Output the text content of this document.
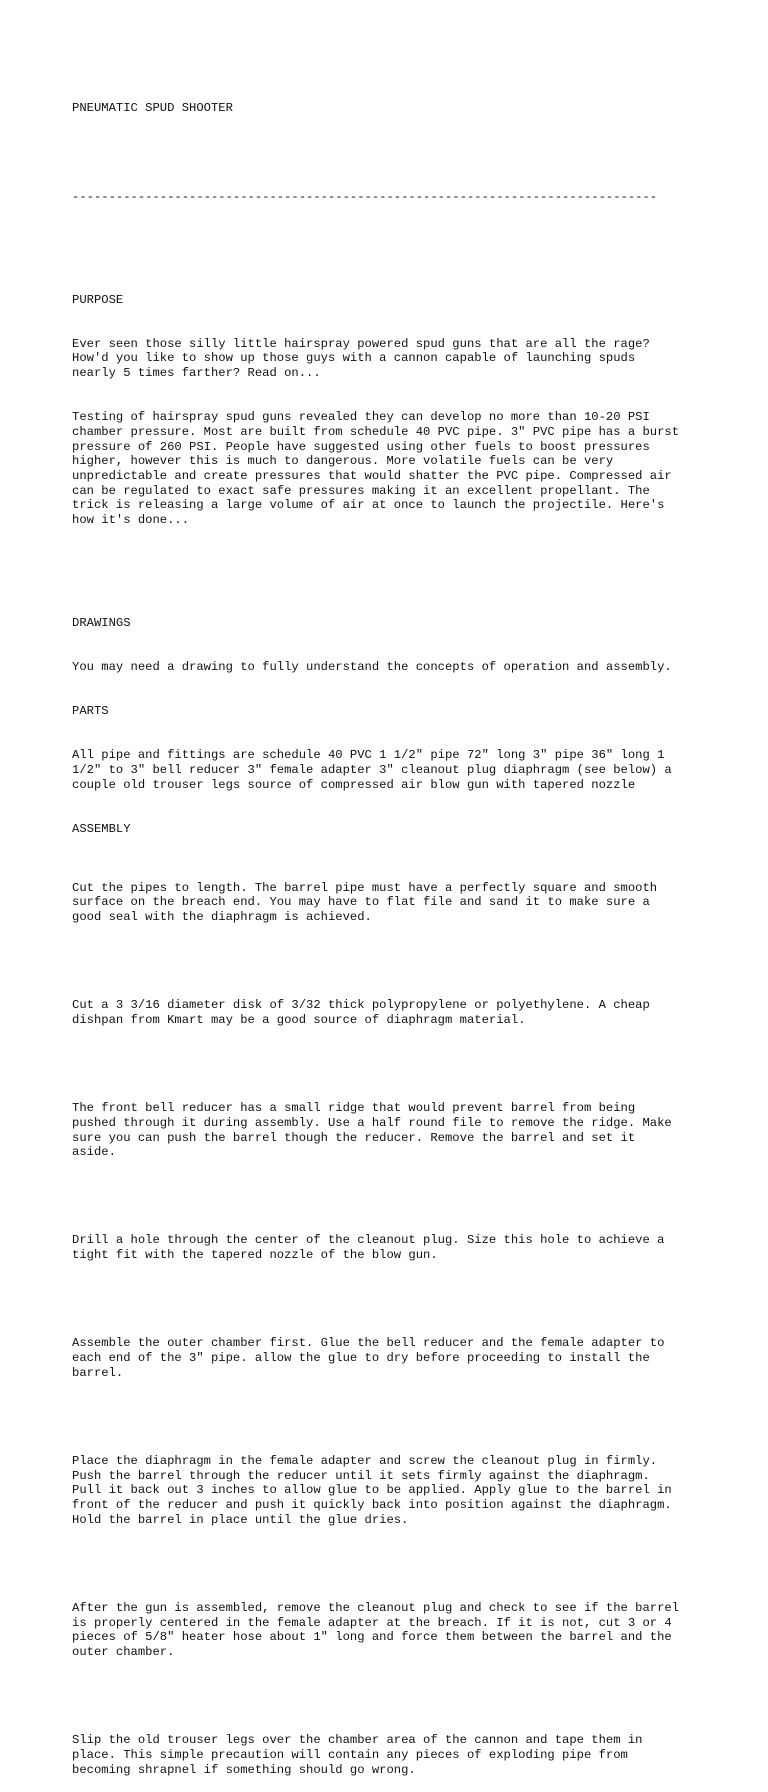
PNEUMATIC SPUD SHOOTER

--------------------------------------------------------------------------------

PURPOSE

Ever seen those silly little hairspray powered spud guns that are all the rage?
How'd you like to show up those guys with a cannon capable of launching spuds
nearly 5 times farther? Read on...

Testing of hairspray spud guns revealed they can develop no more than 10-20 PSI
chamber pressure. Most are built from schedule 40 PVC pipe. 3" PVC pipe has a burst
pressure of 260 PSI. People have suggested using other fuels to boost pressures
higher, however this is much to dangerous. More volatile fuels can be very
unpredictable and create pressures that would shatter the PVC pipe. Compressed air
can be regulated to exact safe pressures making it an excellent propellant. The
trick is releasing a large volume of air at once to launch the projectile. Here's
how it's done...

DRAWINGS

You may need a drawing to fully understand the concepts of operation and assembly.

PARTS

All pipe and fittings are schedule 40 PVC 1 1/2" pipe 72" long 3" pipe 36" long 1
1/2" to 3" bell reducer 3" female adapter 3" cleanout plug diaphragm (see below) a
couple old trouser legs source of compressed air blow gun with tapered nozzle

ASSEMBLY

Cut the pipes to length. The barrel pipe must have a perfectly square and smooth
surface on the breach end. You may have to flat file and sand it to make sure a
good seal with the diaphragm is achieved.

Cut a 3 3/16 diameter disk of 3/32 thick polypropylene or polyethylene. A cheap
dishpan from Kmart may be a good source of diaphragm material.

The front bell reducer has a small ridge that would prevent barrel from being
pushed through it during assembly. Use a half round file to remove the ridge. Make
sure you can push the barrel though the reducer. Remove the barrel and set it
aside.

Drill a hole through the center of the cleanout plug. Size this hole to achieve a
tight fit with the tapered nozzle of the blow gun.

Assemble the outer chamber first. Glue the bell reducer and the female adapter to
each end of the 3" pipe. allow the glue to dry before proceeding to install the
barrel.

Place the diaphragm in the female adapter and screw the cleanout plug in firmly.
Push the barrel through the reducer until it sets firmly against the diaphragm.
Pull it back out 3 inches to allow glue to be applied. Apply glue to the barrel in
front of the reducer and push it quickly back into position against the diaphragm.
Hold the barrel in place until the glue dries.

After the gun is assembled, remove the cleanout plug and check to see if the barrel
is properly centered in the female adapter at the breach. If it is not, cut 3 or 4
pieces of 5/8" heater hose about 1" long and force them between the barrel and the
outer chamber.

Slip the old trouser legs over the chamber area of the cannon and tape them in
place. This simple precaution will contain any pieces of exploding pipe from
becoming shrapnel if something should go wrong.
